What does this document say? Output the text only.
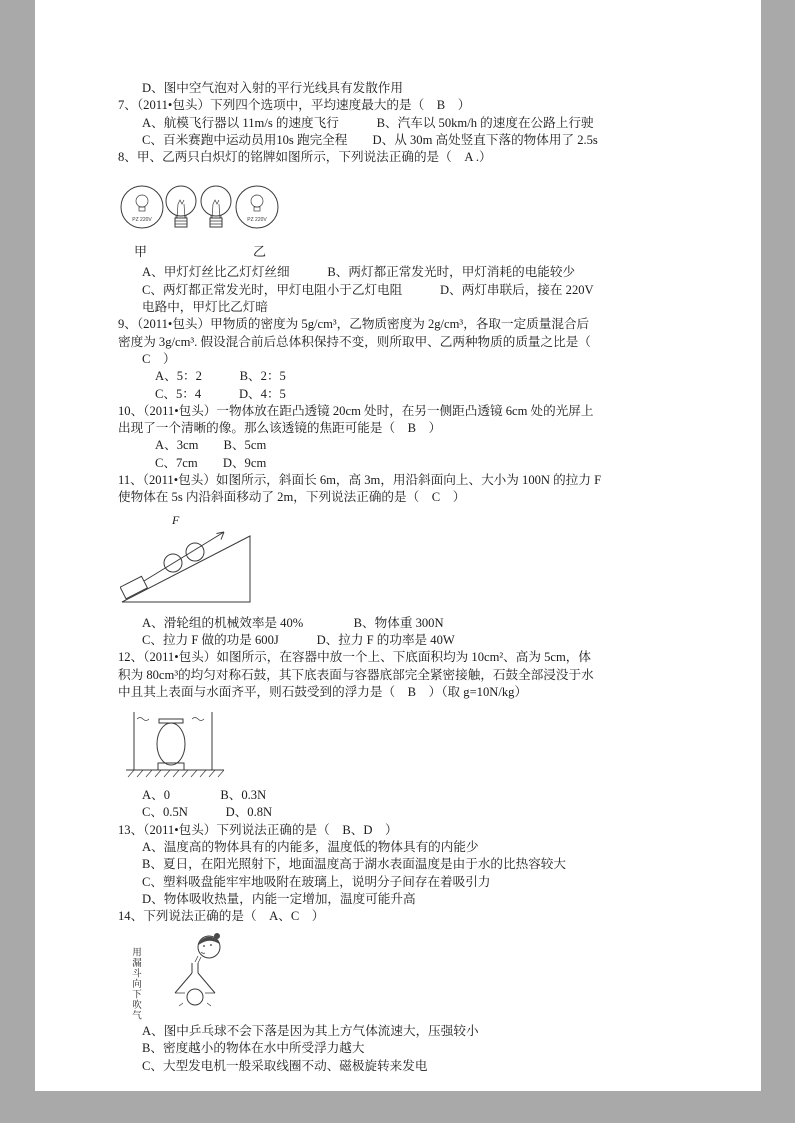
D、图中空气泡对入射的平行光线具有发散作用
7、（2011•包头）下列四个选项中，平均速度最大的是（　B　）
A、航模飞行器以 11m/s 的速度飞行　　　B、汽车以 50km/h 的速度在公路上行驶
C、百米赛跑中运动员用10s 跑完全程　　D、从 30m 高处竖直下落的物体用了 2.5s
8、甲、乙两只白炽灯的铭牌如图所示，下列说法正确的是（　A .）
PZ 220V	PZ 220V
甲	乙
A、甲灯灯丝比乙灯灯丝细　　　B、两灯都正常发光时，甲灯消耗的电能较少
C、两灯都正常发光时，甲灯电阻小于乙灯电阻　　　D、两灯串联后，接在 220V
电路中，甲灯比乙灯暗
9、（2011•包头）甲物质的密度为 5g/cm³，乙物质密度为 2g/cm³，各取一定质量混合后
密度为 3g/cm³. 假设混合前后总体积保持不变，则所取甲、乙两种物质的质量之比是（
C　）
A、5：2　　　B、2：5
C、5：4　　　D、4：5
10、（2011•包头）一物体放在距凸透镜 20cm 处时，在另一侧距凸透镜 6cm 处的光屏上
出现了一个清晰的像。那么该透镜的焦距可能是（　B　）
A、3cm　　B、5cm
C、7cm　　D、9cm
11、（2011•包头）如图所示，斜面长 6m，高 3m，用沿斜面向上、大小为 100N 的拉力 F
使物体在 5s 内沿斜面移动了 2m，下列说法正确的是（　C　）
F
A、滑轮组的机械效率是 40%　　　　B、物体重 300N
C、拉力 F 做的功是 600J　　　D、拉力 F 的功率是 40W
12、（2011•包头）如图所示，在容器中放一个上、下底面积均为 10cm²、高为 5cm，体
积为 80cm³的均匀对称石鼓，其下底表面与容器底部完全紧密接触，石鼓全部浸没于水
中且其上表面与水面齐平，则石鼓受到的浮力是（　B　）（取 g=10N/kg）
A、0　　　　B、0.3N
C、0.5N　　　D、0.8N
13、（2011•包头）下列说法正确的是（　B、D　）
A、温度高的物体具有的内能多，温度低的物体具有的内能少
B、夏日，在阳光照射下，地面温度高于湖水表面温度是由于水的比热容较大
C、塑料吸盘能牢牢地吸附在玻璃上，说明分子间存在着吸引力
D、物体吸收热量，内能一定增加，温度可能升高
14、下列说法正确的是（　A、C　）
用漏斗向下吹气
A、图中乒乓球不会下落是因为其上方气体流速大，压强较小
B、密度越小的物体在水中所受浮力越大
C、大型发电机一般采取线圈不动、磁极旋转来发电
